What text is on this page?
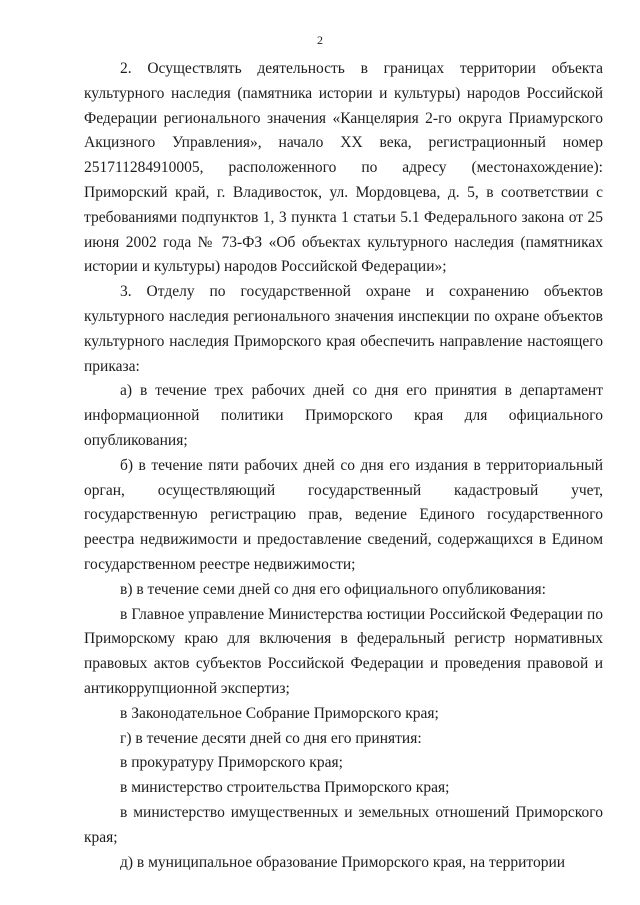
2

2. Осуществлять деятельность в границах территории объекта культурного наследия (памятника истории и культуры) народов Российской Федерации регионального значения «Канцелярия 2-го округа Приамурского Акцизного Управления», начало XX века, регистрационный номер 251711284910005, расположенного по адресу (местонахождение): Приморский край, г. Владивосток, ул. Мордовцева, д. 5, в соответствии с требованиями подпунктов 1, 3 пункта 1 статьи 5.1 Федерального закона от 25 июня 2002 года № 73-ФЗ «Об объектах культурного наследия (памятниках истории и культуры) народов Российской Федерации»;

3. Отделу по государственной охране и сохранению объектов культурного наследия регионального значения инспекции по охране объектов культурного наследия Приморского края обеспечить направление настоящего приказа:

а) в течение трех рабочих дней со дня его принятия в департамент информационной политики Приморского края для официального опубликования;

б) в течение пяти рабочих дней со дня его издания в территориальный орган, осуществляющий государственный кадастровый учет, государственную регистрацию прав, ведение Единого государственного реестра недвижимости и предоставление сведений, содержащихся в Едином государственном реестре недвижимости;

в) в течение семи дней со дня его официального опубликования:

в Главное управление Министерства юстиции Российской Федерации по Приморскому краю для включения в федеральный регистр нормативных правовых актов субъектов Российской Федерации и проведения правовой и антикоррупционной экспертиз;

в Законодательное Собрание Приморского края;

г) в течение десяти дней со дня его принятия:

в прокуратуру Приморского края;

в министерство строительства Приморского края;

в министерство имущественных и земельных отношений Приморского края;

д) в муниципальное образование Приморского края, на территории
